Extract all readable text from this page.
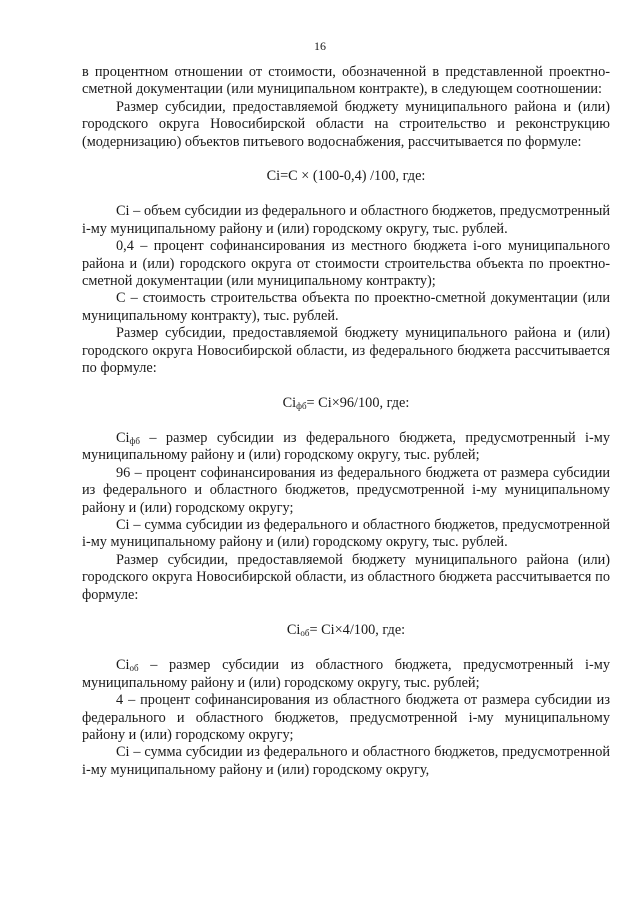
16

в процентном отношении от стоимости, обозначенной в представленной проектно-сметной документации (или муниципальном контракте), в следующем соотношении:

Размер субсидии, предоставляемой бюджету муниципального района и (или) городского округа Новосибирской области на строительство и реконструкцию (модернизацию) объектов питьевого водоснабжения, рассчитывается по формуле:

Ci=C × (100-0,4) /100, где:

Ci – объем субсидии из федерального и областного бюджетов, предусмотренный i-му муниципальному району и (или) городскому округу, тыс. рублей.

0,4 – процент софинансирования из местного бюджета i-ого муниципального района и (или) городского округа от стоимости строительства объекта по проектно-сметной документации (или муниципальному контракту);

С – стоимость строительства объекта по проектно-сметной документации (или муниципальному контракту), тыс. рублей.

Размер субсидии, предоставляемой бюджету муниципального района и (или) городского округа Новосибирской области, из федерального бюджета рассчитывается по формуле:

$Ci_{фб}= Ci\times 96/100$, где:

$Ci_{фб}$ – размер субсидии из федерального бюджета, предусмотренный i-му муниципальному району и (или) городскому округу, тыс. рублей;

96 – процент софинансирования из федерального бюджета от размера субсидии из федерального и областного бюджетов, предусмотренной i-му муниципальному району и (или) городскому округу;

Ci – сумма субсидии из федерального и областного бюджетов, предусмотренной i-му муниципальному району и (или) городскому округу, тыс. рублей.

Размер субсидии, предоставляемой бюджету муниципального района (или) городского округа Новосибирской области, из областного бюджета рассчитывается по формуле:

$Ci_{об}= Ci\times 4/100$, где:

$Ci_{об}$ – размер субсидии из областного бюджета, предусмотренный i-му муниципальному району и (или) городскому округу, тыс. рублей;

4 – процент софинансирования из областного бюджета от размера субсидии из федерального и областного бюджетов, предусмотренной i-му муниципальному району и (или) городскому округу;

Ci – сумма субсидии из федерального и областного бюджетов, предусмотренной i-му муниципальному району и (или) городскому округу,
